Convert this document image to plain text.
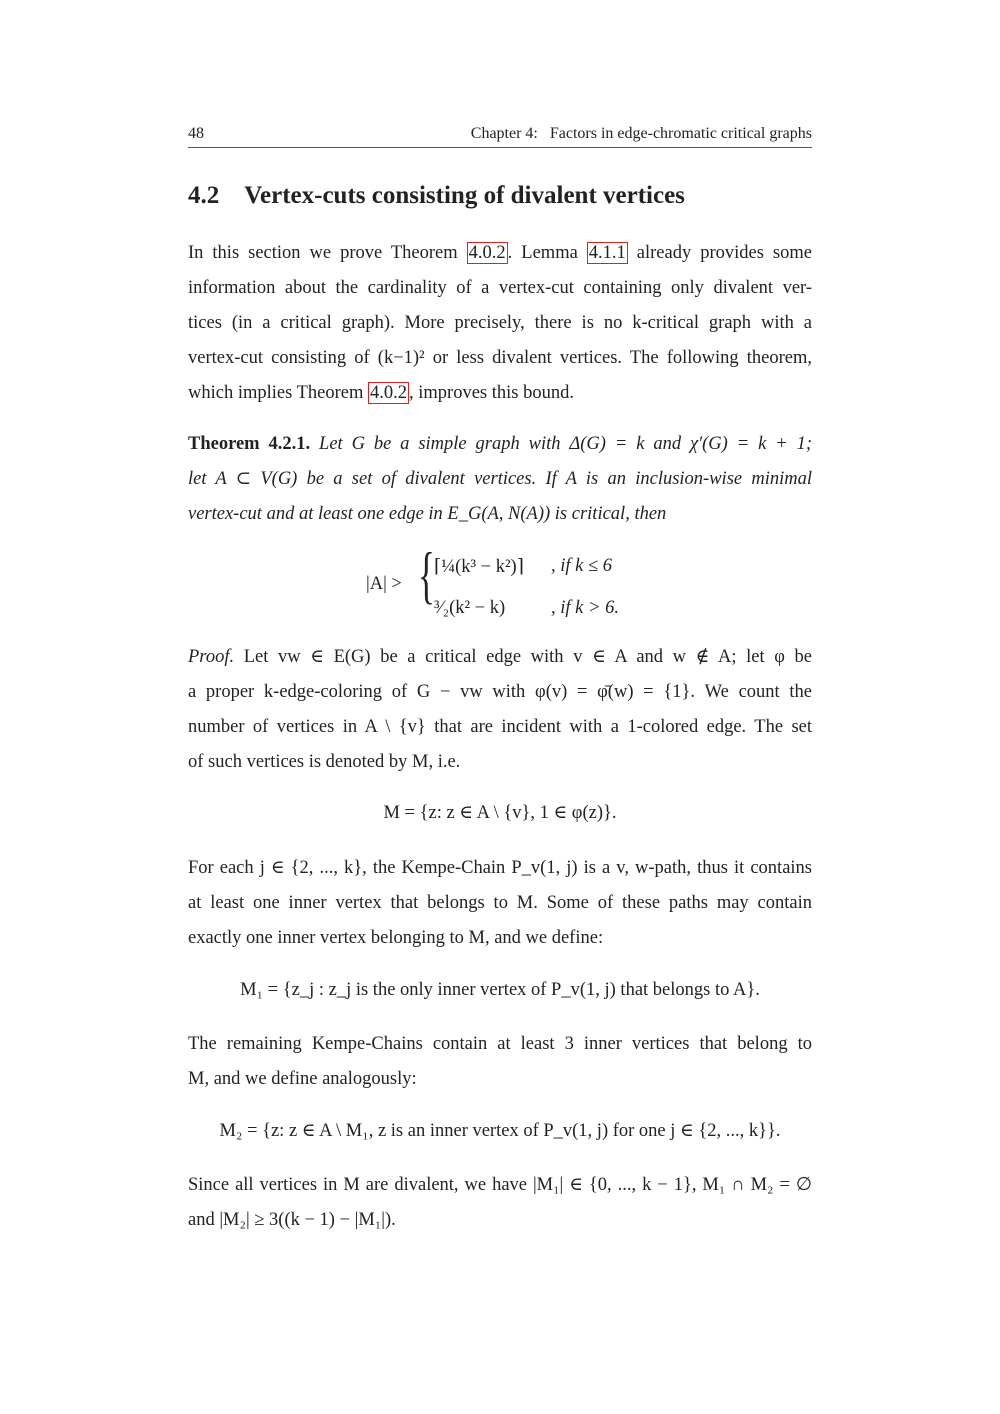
48	Chapter 4:   Factors in edge-chromatic critical graphs
4.2 Vertex-cuts consisting of divalent vertices
In this section we prove Theorem 4.0.2 . Lemma 4.1.1 already provides some
information about the cardinality of a vertex-cut containing only divalent ver-
tices (in a critical graph). More precisely, there is no k-critical graph with a
vertex-cut consisting of (k−1)² or less divalent vertices. The following theorem,
which implies Theorem 4.0.2 , improves this bound.
Theorem 4.2.1. Let G be a simple graph with Δ(G) = k and χ′(G) = k + 1;
let A ⊂ V(G) be a set of divalent vertices. If A is an inclusion-wise minimal
vertex-cut and at least one edge in E_G(A, N(A)) is critical, then
|A| > { ⌈¼(k³ − k²)⌉ , if k ≤ 6
³⁄₂(k² − k) , if k > 6.
Proof. Let vw ∈ E(G) be a critical edge with v ∈ A and w ∉ A; let φ be
a proper k-edge-coloring of G − vw with φ(v) = φ̄(w) = {1}. We count the
number of vertices in A \ {v} that are incident with a 1-colored edge. The set
of such vertices is denoted by M, i.e.
M = {z: z ∈ A \ {v}, 1 ∈ φ(z)}.
For each j ∈ {2, ..., k}, the Kempe-Chain P_v(1, j) is a v, w-path, thus it contains
at least one inner vertex that belongs to M. Some of these paths may contain
exactly one inner vertex belonging to M, and we define:
M₁ = {z_j : z_j is the only inner vertex of P_v(1, j) that belongs to A}.
The remaining Kempe-Chains contain at least 3 inner vertices that belong to
M, and we define analogously:
M₂ = {z: z ∈ A \ M₁, z is an inner vertex of P_v(1, j) for one j ∈ {2, ..., k}}.
Since all vertices in M are divalent, we have |M₁| ∈ {0, ..., k − 1}, M₁ ∩ M₂ = ∅
and |M₂| ≥ 3((k − 1) − |M₁|).
